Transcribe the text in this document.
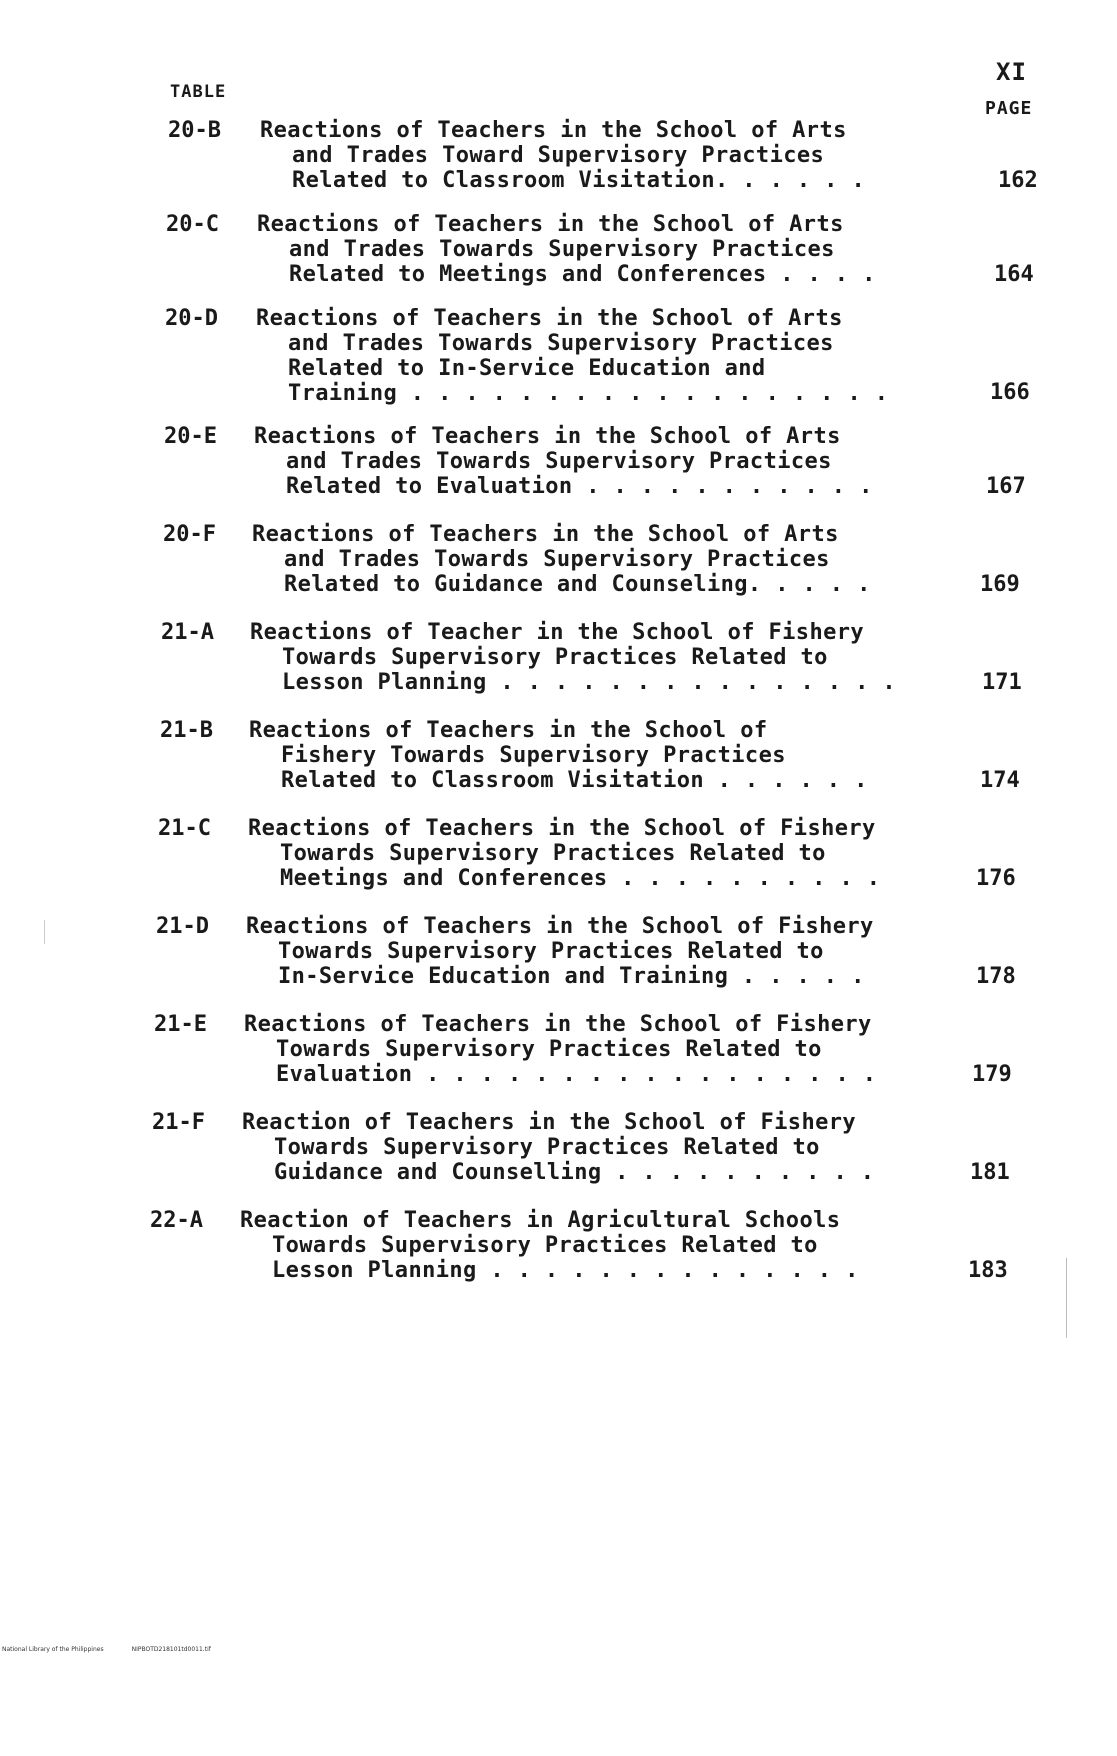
XI
TABLE
PAGE
20-B Reactions of Teachers in the School of Arts
and Trades Toward Supervisory Practices
Related to Classroom Visitation. . . . . .	162
20-C Reactions of Teachers in the School of Arts
and Trades Towards Supervisory Practices
Related to Meetings and Conferences . . . .	164
20-D Reactions of Teachers in the School of Arts
and Trades Towards Supervisory Practices
Related to In-Service Education and
Training . . . . . . . . . . . . . . . . . .	166
20-E Reactions of Teachers in the School of Arts
and Trades Towards Supervisory Practices
Related to Evaluation . . . . . . . . . . .	167
20-F Reactions of Teachers in the School of Arts
and Trades Towards Supervisory Practices
Related to Guidance and Counseling. . . . .	169
21-A Reactions of Teacher in the School of Fishery
Towards Supervisory Practices Related to
Lesson Planning . . . . . . . . . . . . . . .	171
21-B Reactions of Teachers in the School of
Fishery Towards Supervisory Practices
Related to Classroom Visitation . . . . . .	174
21-C Reactions of Teachers in the School of Fishery
Towards Supervisory Practices Related to
Meetings and Conferences . . . . . . . . . .	176
21-D Reactions of Teachers in the School of Fishery
Towards Supervisory Practices Related to
In-Service Education and Training . . . . .	178
21-E Reactions of Teachers in the School of Fishery
Towards Supervisory Practices Related to
Evaluation . . . . . . . . . . . . . . . . .	179
21-F Reaction of Teachers in the School of Fishery
Towards Supervisory Practices Related to
Guidance and Counselling . . . . . . . . . .	181
22-A Reaction of Teachers in Agricultural Schools
Towards Supervisory Practices Related to
Lesson Planning . . . . . . . . . . . . . .	183
National Library of the Philippines	NIPBOTD218101td0011.tif
